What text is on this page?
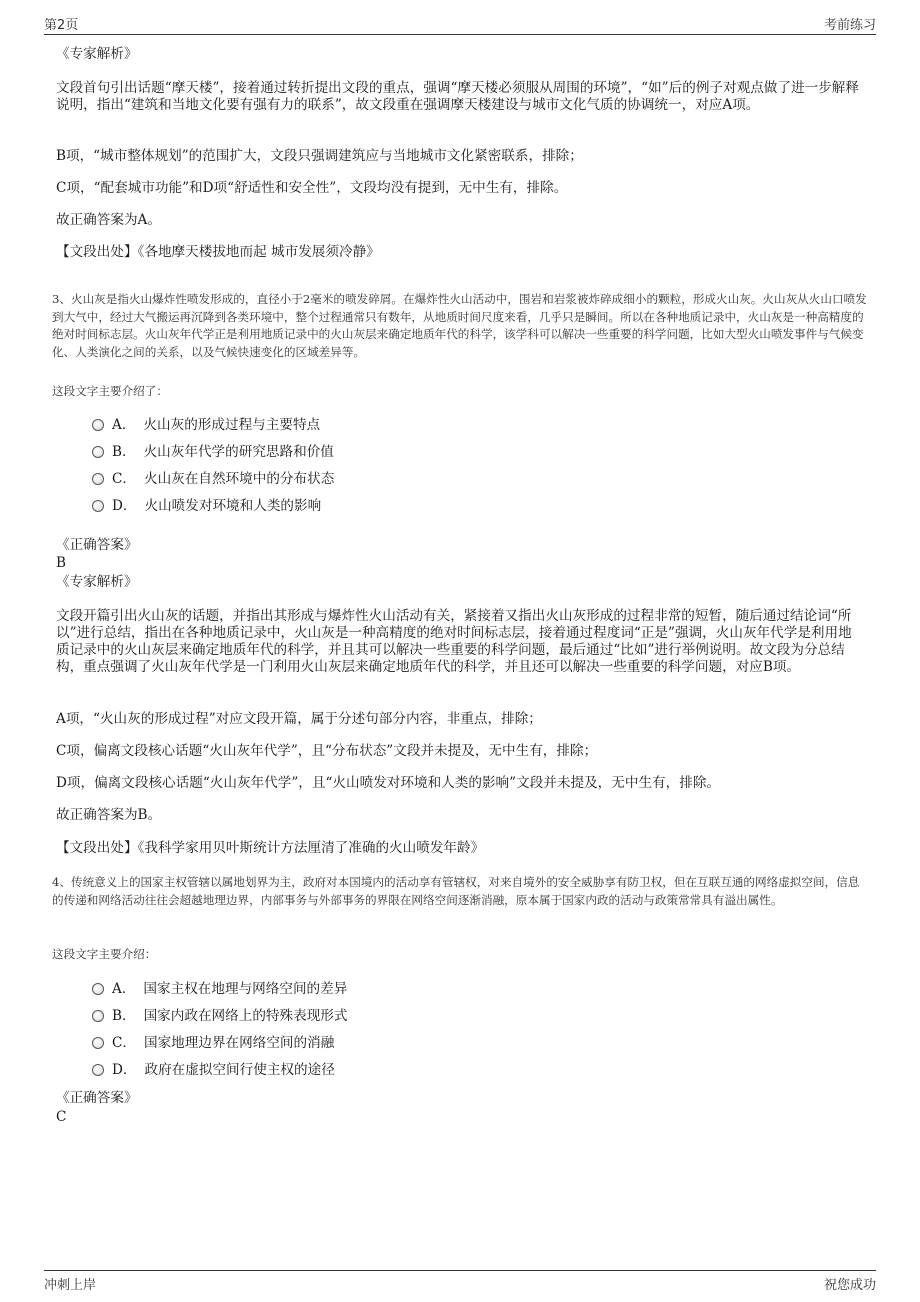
第2页	考前练习
《专家解析》
文段首句引出话题“摩天楼”，接着通过转折提出文段的重点，强调“摩天楼必须服从周围的环境”，“如”后的例子对观点做了进一步解释说明，指出“建筑和当地文化要有强有力的联系”，故文段重在强调摩天楼建设与城市文化气质的协调统一，对应A项。
B项，“城市整体规划”的范围扩大，文段只强调建筑应与当地城市文化紧密联系，排除；
C项，“配套城市功能”和D项“舒适性和安全性”，文段均没有提到，无中生有，排除。
故正确答案为A。
【文段出处】《各地摩天楼拔地而起 城市发展须冷静》
3、火山灰是指火山爆炸性喷发形成的，直径小于2毫米的喷发碎屑。在爆炸性火山活动中，围岩和岩浆被炸碎成细小的颗粒，形成火山灰。火山灰从火山口喷发到大气中，经过大气搬运再沉降到各类环境中，整个过程通常只有数年，从地质时间尺度来看，几乎只是瞬间。所以在各种地质记录中，火山灰是一种高精度的绝对时间标志层。火山灰年代学正是利用地质记录中的火山灰层来确定地质年代的科学，该学科可以解决一些重要的科学问题，比如大型火山喷发事件与气候变化、人类演化之间的关系，以及气候快速变化的区域差异等。
这段文字主要介绍了：
A． 火山灰的形成过程与主要特点
B． 火山灰年代学的研究思路和价值
C． 火山灰在自然环境中的分布状态
D． 火山喷发对环境和人类的影响
《正确答案》
B
《专家解析》
文段开篇引出火山灰的话题，并指出其形成与爆炸性火山活动有关，紧接着又指出火山灰形成的过程非常的短暂，随后通过结论词“所以”进行总结，指出在各种地质记录中，火山灰是一种高精度的绝对时间标志层，接着通过程度词“正是”强调，火山灰年代学是利用地质记录中的火山灰层来确定地质年代的科学，并且其可以解决一些重要的科学问题，最后通过“比如”进行举例说明。故文段为分总结构，重点强调了火山灰年代学是一门利用火山灰层来确定地质年代的科学，并且还可以解决一些重要的科学问题，对应B项。
A项，“火山灰的形成过程”对应文段开篇，属于分述句部分内容，非重点，排除；
C项，偏离文段核心话题“火山灰年代学”，且“分布状态”文段并未提及，无中生有，排除；
D项，偏离文段核心话题“火山灰年代学”，且“火山喷发对环境和人类的影响”文段并未提及，无中生有，排除。
故正确答案为B。
【文段出处】《我科学家用贝叶斯统计方法厘清了准确的火山喷发年龄》
4、传统意义上的国家主权管辖以属地划界为主，政府对本国境内的活动享有管辖权，对来自境外的安全威胁享有防卫权，但在互联互通的网络虚拟空间，信息的传递和网络活动往往会超越地理边界，内部事务与外部事务的界限在网络空间逐渐消融，原本属于国家内政的活动与政策常常具有溢出属性。
这段文字主要介绍：
A． 国家主权在地理与网络空间的差异
B． 国家内政在网络上的特殊表现形式
C． 国家地理边界在网络空间的消融
D． 政府在虚拟空间行使主权的途径
《正确答案》
C
冲刺上岸	祝您成功
